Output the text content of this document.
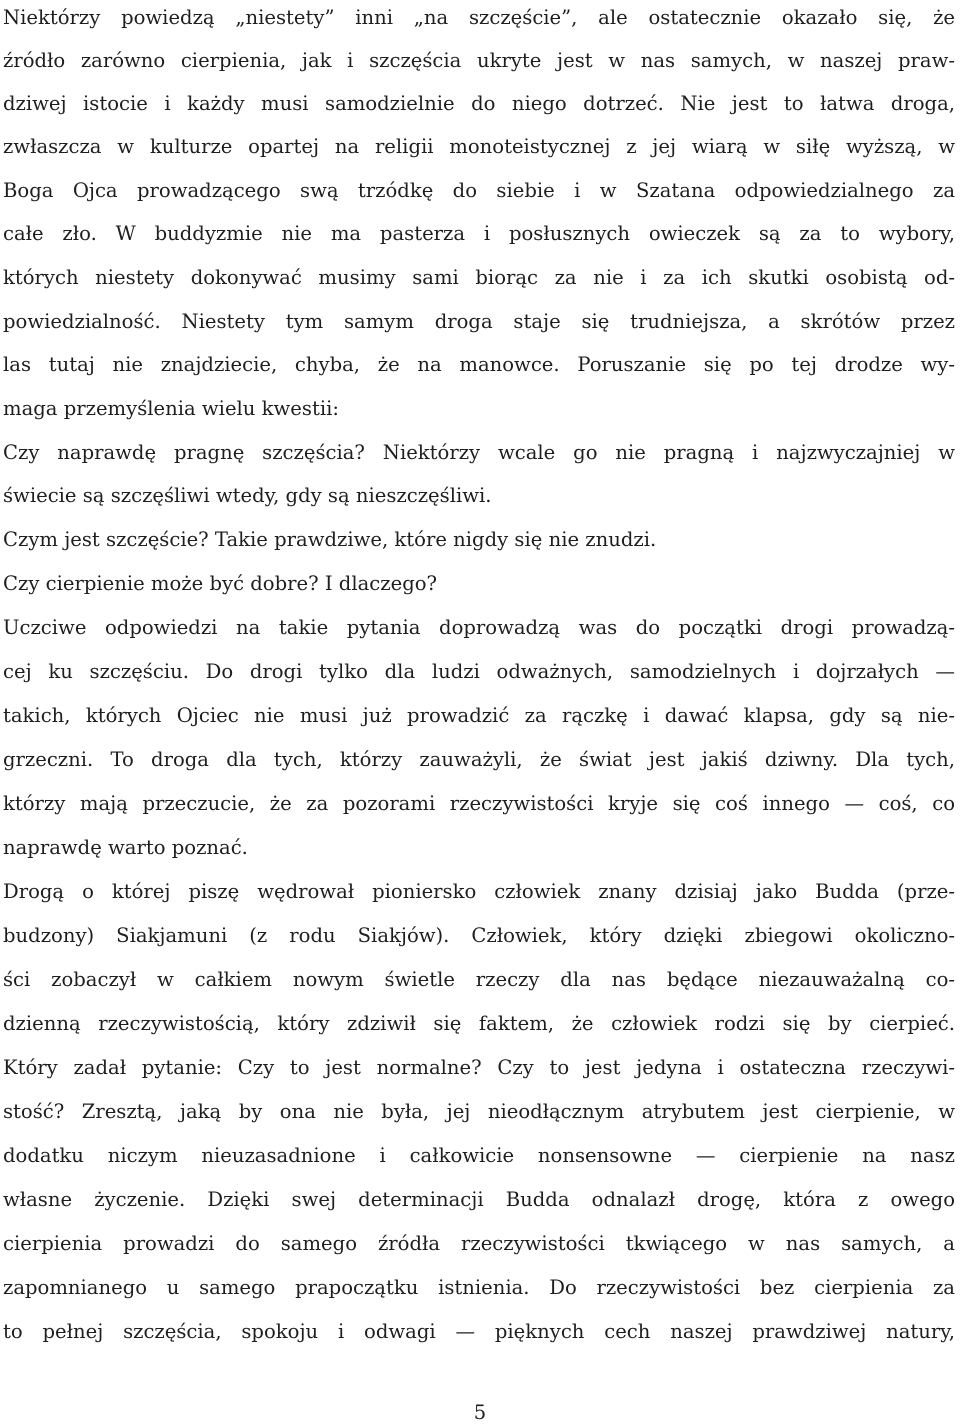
Niektórzy powiedzą „niestety” inni „na szczęście”, ale ostatecznie okazało się, że
źródło zarówno cierpienia, jak i szczęścia ukryte jest w nas samych, w naszej praw-
dziwej istocie i każdy musi samodzielnie do niego dotrzeć. Nie jest to łatwa droga,
zwłaszcza w kulturze opartej na religii monoteistycznej z jej wiarą w siłę wyższą, w
Boga Ojca prowadzącego swą trzódkę do siebie i w Szatana odpowiedzialnego za
całe zło. W buddyzmie nie ma pasterza i posłusznych owieczek są za to wybory,
których niestety dokonywać musimy sami biorąc za nie i za ich skutki osobistą od-
powiedzialność. Niestety tym samym droga staje się trudniejsza, a skrótów przez
las tutaj nie znajdziecie, chyba, że na manowce. Poruszanie się po tej drodze wy-
maga przemyślenia wielu kwestii:
Czy naprawdę pragnę szczęścia? Niektórzy wcale go nie pragną i najzwyczajniej w
świecie są szczęśliwi wtedy, gdy są nieszczęśliwi.
Czym jest szczęście? Takie prawdziwe, które nigdy się nie znudzi.
Czy cierpienie może być dobre? I dlaczego?
Uczciwe odpowiedzi na takie pytania doprowadzą was do początki drogi prowadzą-
cej ku szczęściu. Do drogi tylko dla ludzi odważnych, samodzielnych i dojrzałych —
takich, których Ojciec nie musi już prowadzić za rączkę i dawać klapsa, gdy są nie-
grzeczni. To droga dla tych, którzy zauważyli, że świat jest jakiś dziwny. Dla tych,
którzy mają przeczucie, że za pozorami rzeczywistości kryje się coś innego — coś, co
naprawdę warto poznać.
Drogą o której piszę wędrował pioniersko człowiek znany dzisiaj jako Budda (prze-
budzony) Siakjamuni (z rodu Siakjów). Człowiek, który dzięki zbiegowi okoliczno-
ści zobaczył w całkiem nowym świetle rzeczy dla nas będące niezauważalną co-
dzienną rzeczywistością, który zdziwił się faktem, że człowiek rodzi się by cierpieć.
Który zadał pytanie: Czy to jest normalne? Czy to jest jedyna i ostateczna rzeczywi-
stość? Zresztą, jaką by ona nie była, jej nieodłącznym atrybutem jest cierpienie, w
dodatku niczym nieuzasadnione i całkowicie nonsensowne — cierpienie na nasz
własne życzenie. Dzięki swej determinacji Budda odnalazł drogę, która z owego
cierpienia prowadzi do samego źródła rzeczywistości tkwiącego w nas samych, a
zapomnianego u samego prapoczątku istnienia. Do rzeczywistości bez cierpienia za
to pełnej szczęścia, spokoju i odwagi — pięknych cech naszej prawdziwej natury,
5
